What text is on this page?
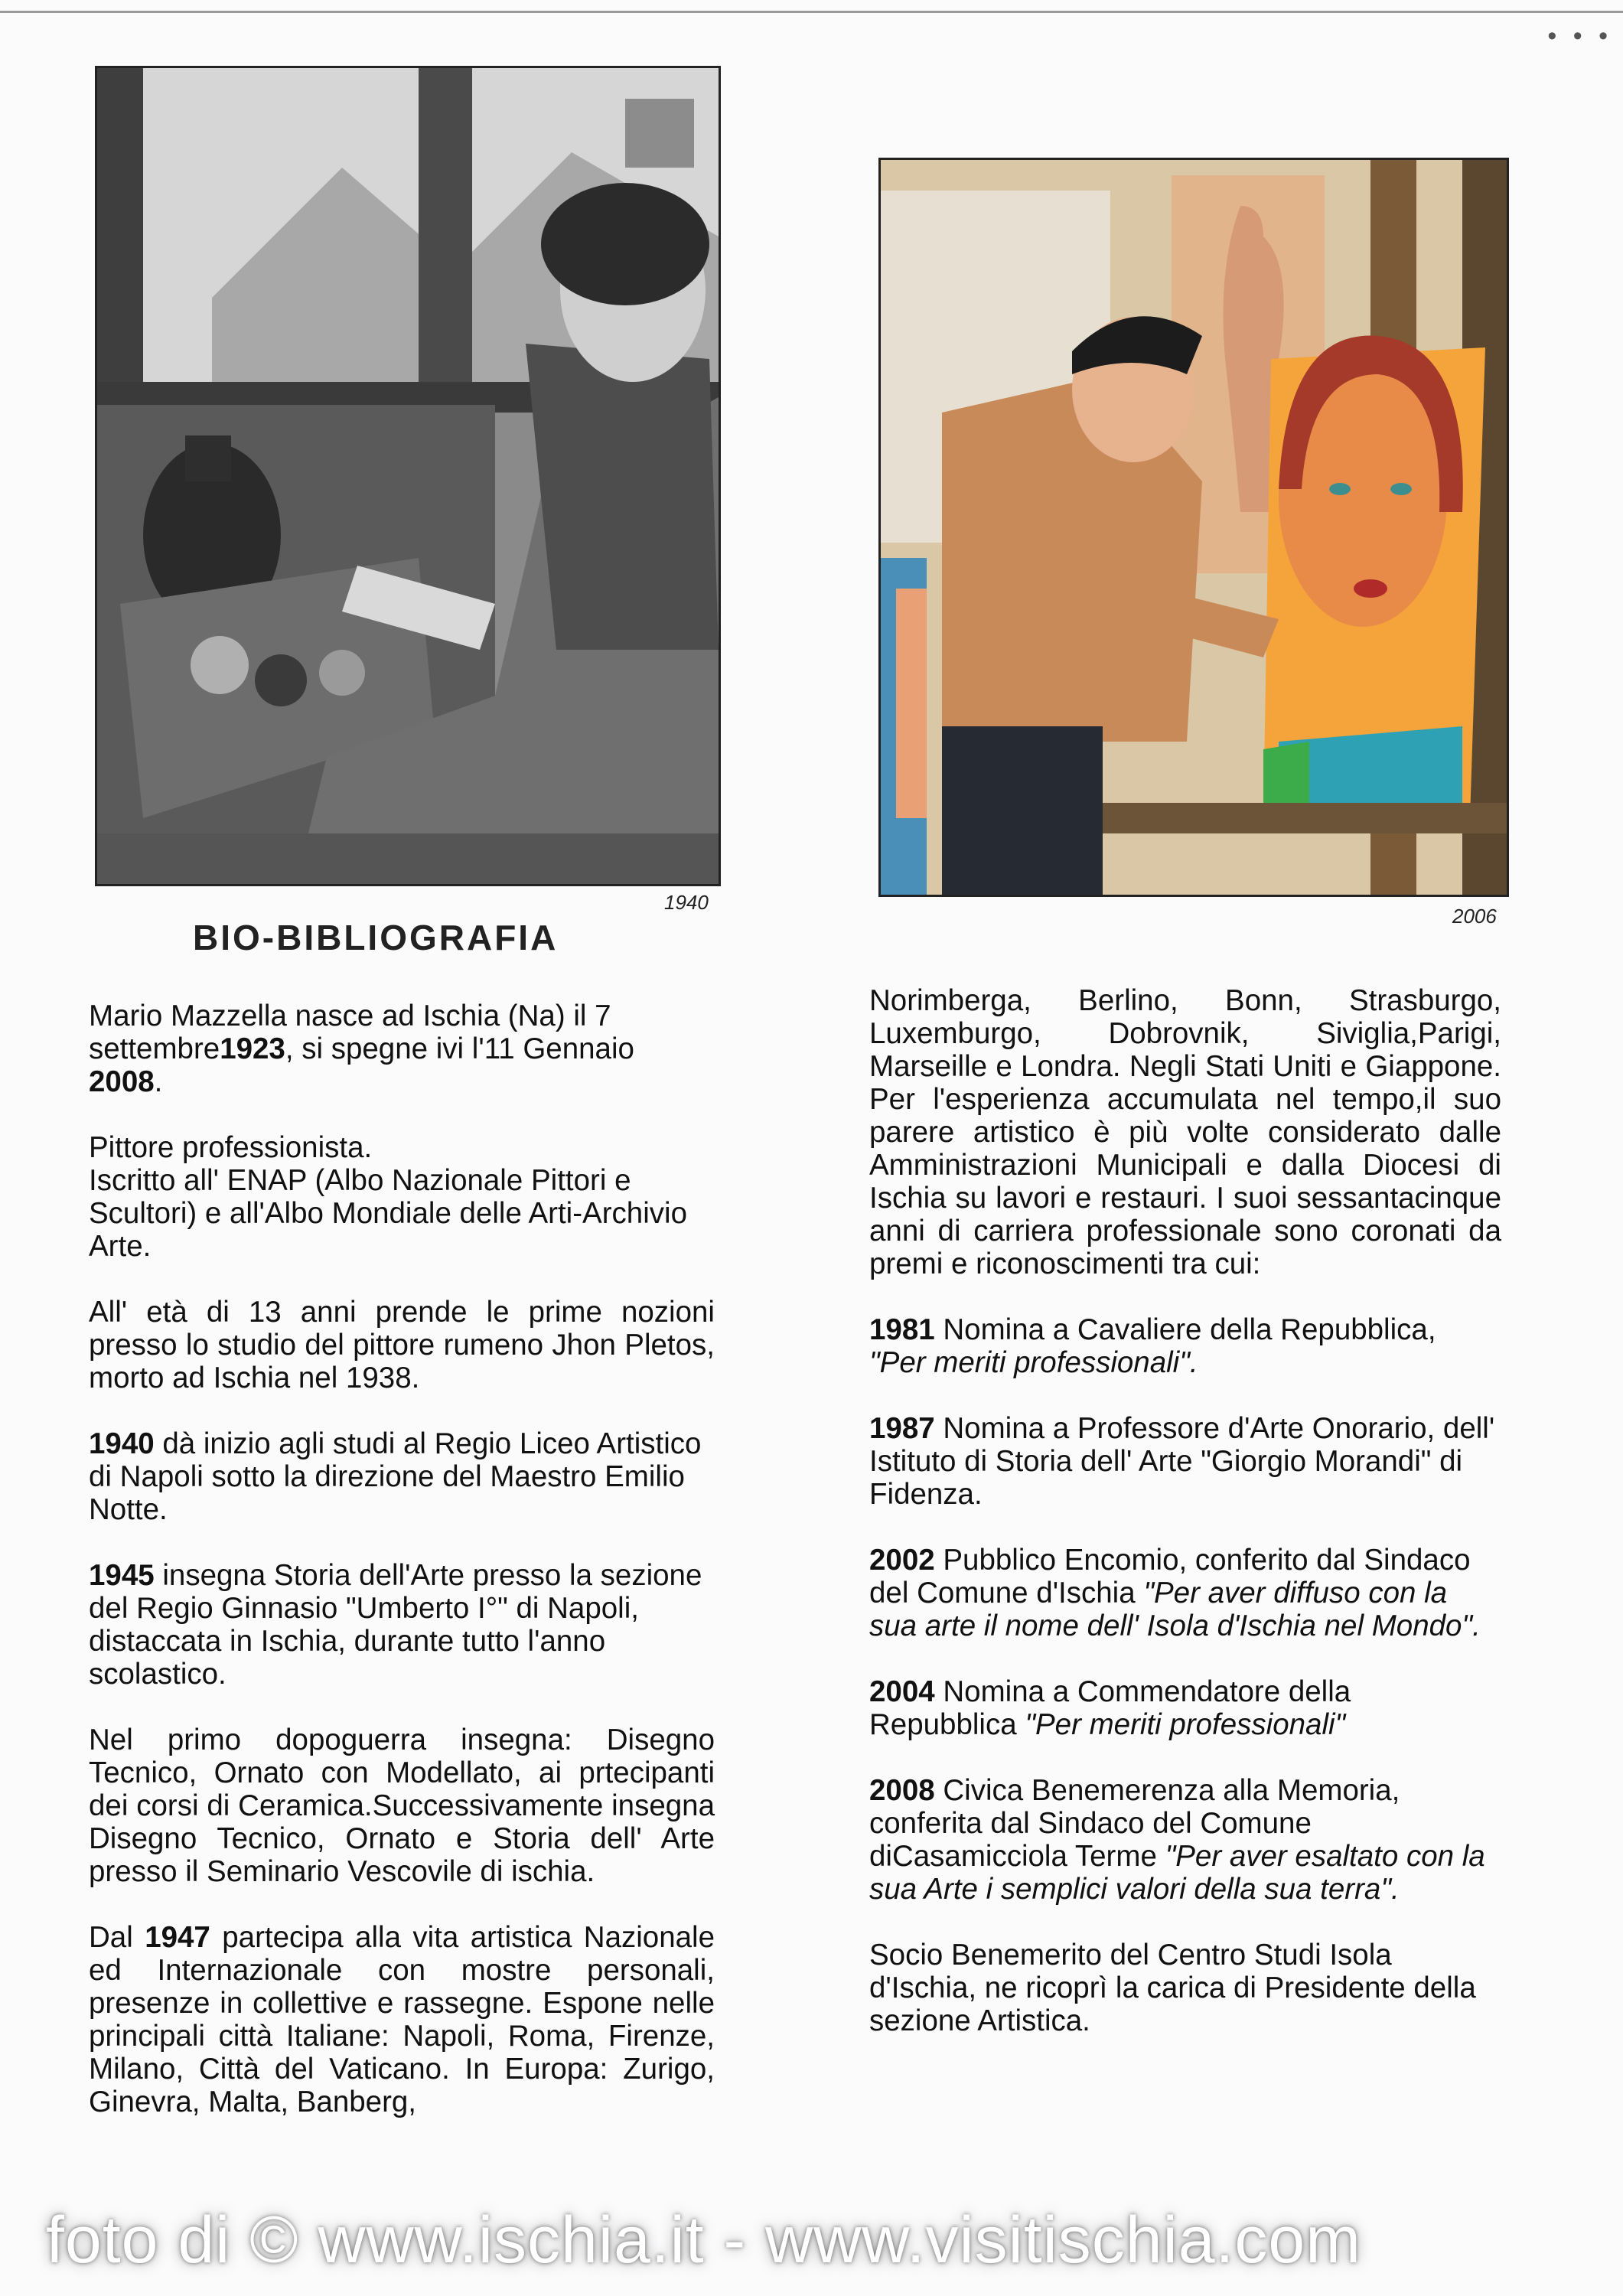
• • •
1940
2006
BIO-BIBLIOGRAFIA

Mario Mazzella nasce ad Ischia (Na) il 7 settembre1923, si spegne ivi l'11 Gennaio 2008.

Pittore professionista.
Iscritto all' ENAP (Albo Nazionale Pittori e Scultori) e all'Albo Mondiale delle Arti-Archivio Arte.

All' età di 13 anni prende le prime nozioni presso lo studio del pittore rumeno Jhon Pletos, morto ad Ischia nel 1938.

1940 dà inizio agli studi al Regio Liceo Artistico di Napoli sotto la direzione del Maestro Emilio Notte.

1945 insegna Storia dell'Arte presso la sezione del Regio Ginnasio "Umberto I°" di Napoli, distaccata in Ischia, durante tutto l'anno scolastico.

Nel primo dopoguerra insegna: Disegno Tecnico, Ornato con Modellato, ai prtecipanti dei corsi di Ceramica.Successivamente insegna Disegno Tecnico, Ornato e Storia dell' Arte presso il Seminario Vescovile di ischia.

Dal 1947 partecipa alla vita artistica Nazionale ed Internazionale con mostre personali, presenze in collettive e rassegne. Espone nelle principali città Italiane: Napoli, Roma, Firenze, Milano, Città del Vaticano. In Europa: Zurigo, Ginevra, Malta, Banberg,

Norimberga, Berlino, Bonn, Strasburgo, Luxemburgo, Dobrovnik, Siviglia,Parigi, Marseille e Londra. Negli Stati Uniti e Giappone. Per l'esperienza accumulata nel tempo,il suo parere artistico è più volte considerato dalle Amministrazioni Municipali e dalla Diocesi di Ischia su lavori e restauri. I suoi sessantacinque anni di carriera professionale sono coronati da premi e riconoscimenti tra cui:

1981 Nomina a Cavaliere della Repubblica,
"Per meriti professionali".

1987 Nomina a Professore d'Arte Onorario, dell' Istituto di Storia dell' Arte "Giorgio Morandi" di Fidenza.

2002 Pubblico Encomio, conferito dal Sindaco del Comune d'Ischia "Per aver diffuso con la sua arte il nome dell' Isola d'Ischia nel Mondo".

2004 Nomina a Commendatore della Repubblica "Per meriti professionali"

2008 Civica Benemerenza alla Memoria, conferita dal Sindaco del Comune diCasamicciola Terme "Per aver esaltato con la sua Arte i semplici valori della sua terra".

Socio Benemerito del Centro Studi Isola d'Ischia, ne ricoprì la carica di Presidente della sezione Artistica.

foto di © www.ischia.it - www.visitischia.com
